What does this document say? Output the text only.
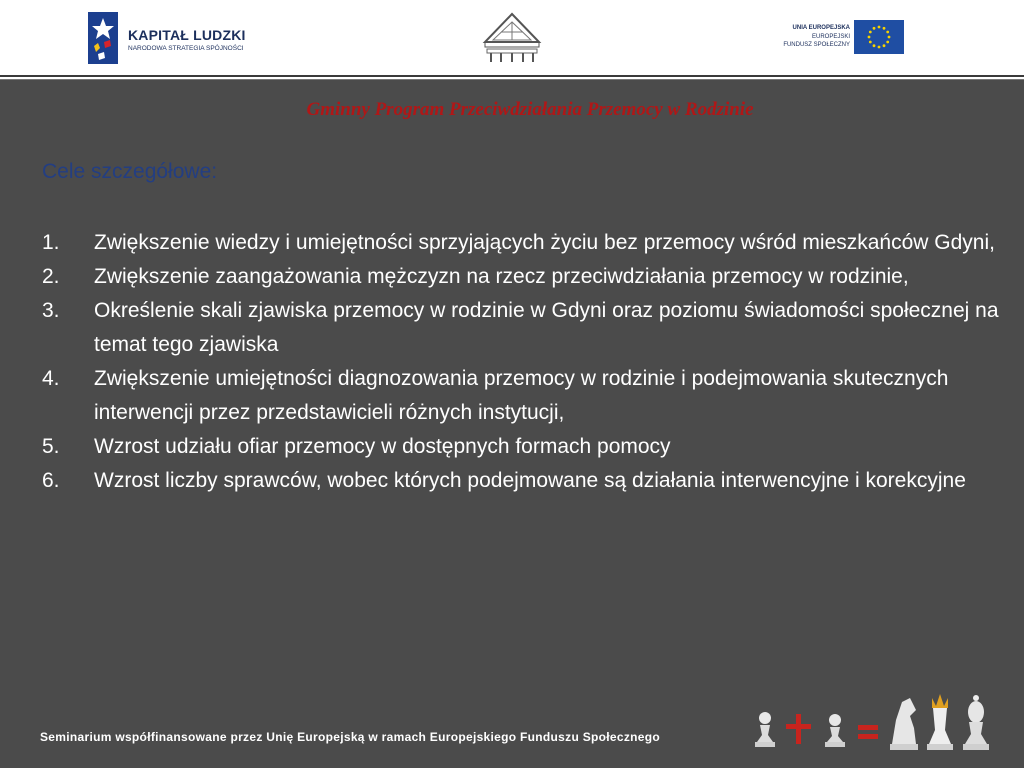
KAPITAŁ LUDZKI
NARODOWA STRATEGIA SPÓJNOŚCI
UNIA EUROPEJSKA
EUROPEJSKI
FUNDUSZ SPOŁECZNY
Gminny Program Przeciwdziałania Przemocy w Rodzinie
Cele szczegółowe:
1.	Zwiększenie wiedzy i umiejętności sprzyjających życiu bez przemocy wśród mieszkańców Gdyni,
2.	Zwiększenie zaangażowania mężczyzn na rzecz przeciwdziałania przemocy w rodzinie,
3.	Określenie skali zjawiska przemocy w rodzinie w Gdyni oraz poziomu świadomości społecznej na temat tego zjawiska
4.	Zwiększenie umiejętności diagnozowania przemocy w rodzinie i podejmowania skutecznych interwencji przez przedstawicieli różnych instytucji,
5.	Wzrost udziału ofiar przemocy w dostępnych formach pomocy
6.	Wzrost liczby sprawców, wobec których podejmowane są działania interwencyjne i korekcyjne
Seminarium współfinansowane przez Unię Europejską w ramach Europejskiego Funduszu Społecznego
